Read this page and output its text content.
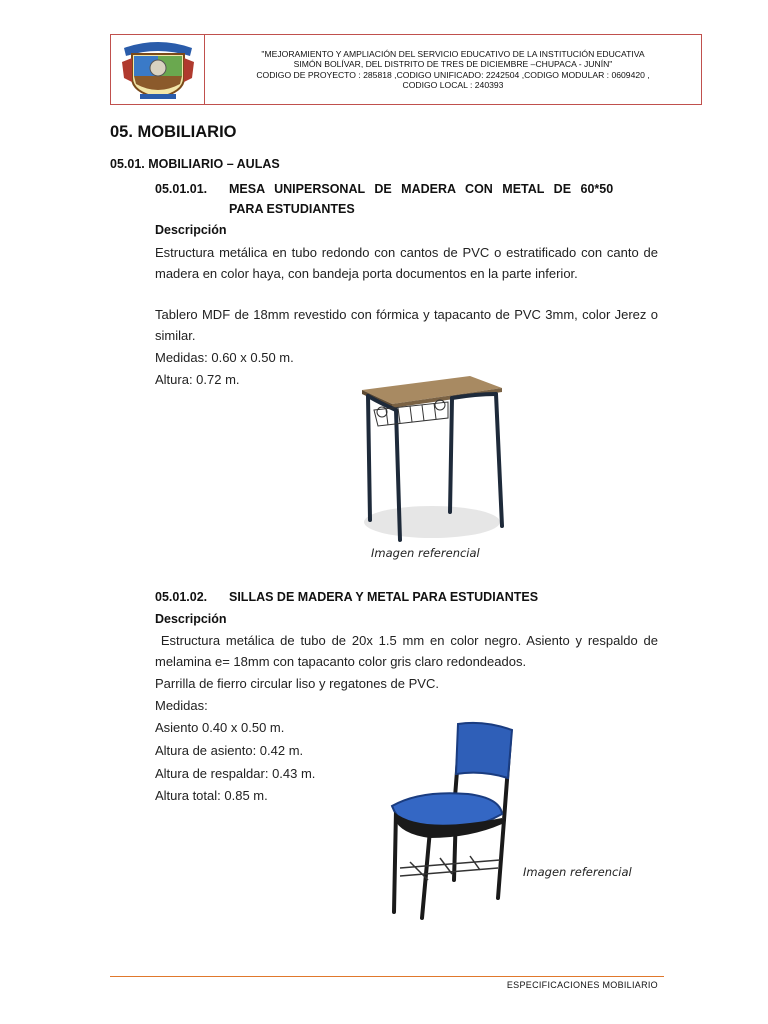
"MEJORAMIENTO Y AMPLIACIÓN DEL SERVICIO EDUCATIVO DE LA INSTITUCIÓN EDUCATIVA
SIMÓN BOLÍVAR, DEL DISTRITO DE TRES DE DICIEMBRE –CHUPACA - JUNÍN"
CODIGO DE PROYECTO : 285818 ,CODIGO UNIFICADO: 2242504 ,CODIGO MODULAR : 0609420 ,
CODIGO LOCAL : 240393
05. MOBILIARIO
05.01. MOBILIARIO – AULAS
05.01.01.	MESA UNIPERSONAL DE MADERA CON METAL DE 60*50
PARA ESTUDIANTES
Descripción
Estructura metálica en tubo redondo con cantos de PVC o estratificado con canto de madera en color haya, con bandeja porta documentos en la parte inferior.
Tablero MDF de 18mm revestido con fórmica y tapacanto de PVC 3mm, color Jerez o similar.
Medidas: 0.60 x 0.50 m.
Altura: 0.72 m.
Imagen referencial
05.01.02. SILLAS DE MADERA Y METAL PARA ESTUDIANTES
Descripción
Estructura metálica de tubo de 20x 1.5 mm en color negro. Asiento y respaldo de melamina e= 18mm con tapacanto color gris claro redondeados.
Parrilla de fierro circular liso y regatones de PVC.
Medidas:
Asiento 0.40 x 0.50 m.
Altura de asiento: 0.42 m.
Altura de respaldar: 0.43 m.
Altura total: 0.85 m.
Imagen referencial
ESPECIFICACIONES MOBILIARIO
